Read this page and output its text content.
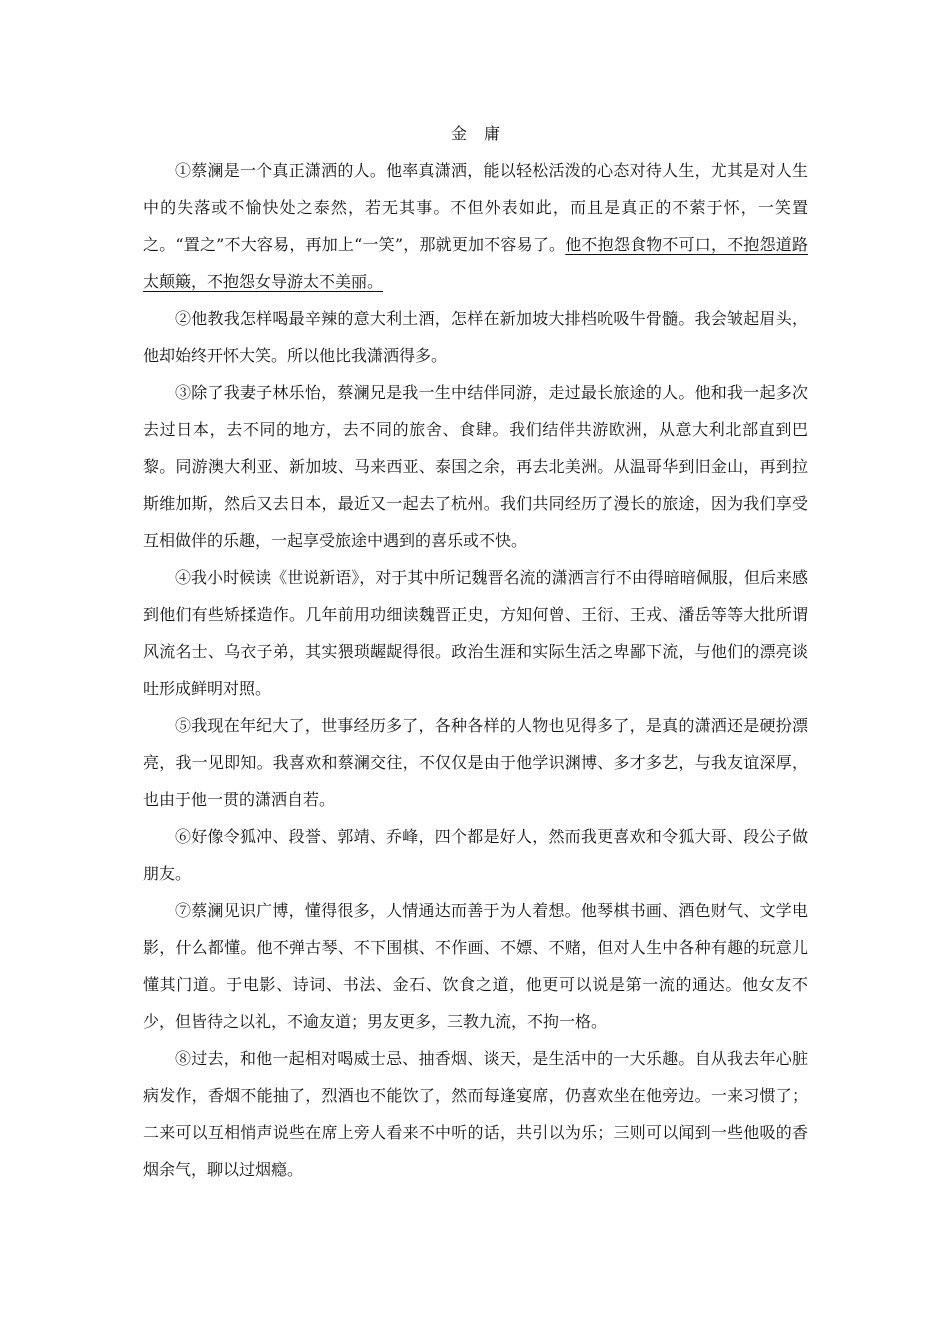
金 庸

①蔡澜是一个真正潇洒的人。他率真潇洒，能以轻松活泼的心态对待人生，尤其是对人生中的失落或不愉快处之泰然，若无其事。不但外表如此，而且是真正的不萦于怀，一笑置之。“置之”不大容易，再加上“一笑”，那就更加不容易了。他不抱怨食物不可口，不抱怨道路太颠簸，不抱怨女导游太不美丽。

②他教我怎样喝最辛辣的意大利土酒，怎样在新加坡大排档吮吸牛骨髓。我会皱起眉头，他却始终开怀大笑。所以他比我潇洒得多。

③除了我妻子林乐怡，蔡澜兄是我一生中结伴同游，走过最长旅途的人。他和我一起多次去过日本，去不同的地方，去不同的旅舍、食肆。我们结伴共游欧洲，从意大利北部直到巴黎。同游澳大利亚、新加坡、马来西亚、泰国之余，再去北美洲。从温哥华到旧金山，再到拉斯维加斯，然后又去日本，最近又一起去了杭州。我们共同经历了漫长的旅途，因为我们享受互相做伴的乐趣，一起享受旅途中遇到的喜乐或不快。

④我小时候读《世说新语》，对于其中所记魏晋名流的潇洒言行不由得暗暗佩服，但后来感到他们有些矫揉造作。几年前用功细读魏晋正史，方知何曾、王衍、王戎、潘岳等等大批所谓风流名士、乌衣子弟，其实猥琐龌龊得很。政治生涯和实际生活之卑鄙下流，与他们的漂亮谈吐形成鲜明对照。

⑤我现在年纪大了，世事经历多了，各种各样的人物也见得多了，是真的潇洒还是硬扮漂亮，我一见即知。我喜欢和蔡澜交往，不仅仅是由于他学识渊博、多才多艺，与我友谊深厚，也由于他一贯的潇洒自若。

⑥好像令狐冲、段誉、郭靖、乔峰，四个都是好人，然而我更喜欢和令狐大哥、段公子做朋友。

⑦蔡澜见识广博，懂得很多，人情通达而善于为人着想。他琴棋书画、酒色财气、文学电影，什么都懂。他不弹古琴、不下围棋、不作画、不嫖、不赌，但对人生中各种有趣的玩意儿懂其门道。于电影、诗词、书法、金石、饮食之道，他更可以说是第一流的通达。他女友不少，但皆待之以礼，不逾友道；男友更多，三教九流，不拘一格。

⑧过去，和他一起相对喝威士忌、抽香烟、谈天，是生活中的一大乐趣。自从我去年心脏病发作，香烟不能抽了，烈酒也不能饮了，然而每逢宴席，仍喜欢坐在他旁边。一来习惯了；二来可以互相悄声说些在席上旁人看来不中听的话，共引以为乐；三则可以闻到一些他吸的香烟余气，聊以过烟瘾。
